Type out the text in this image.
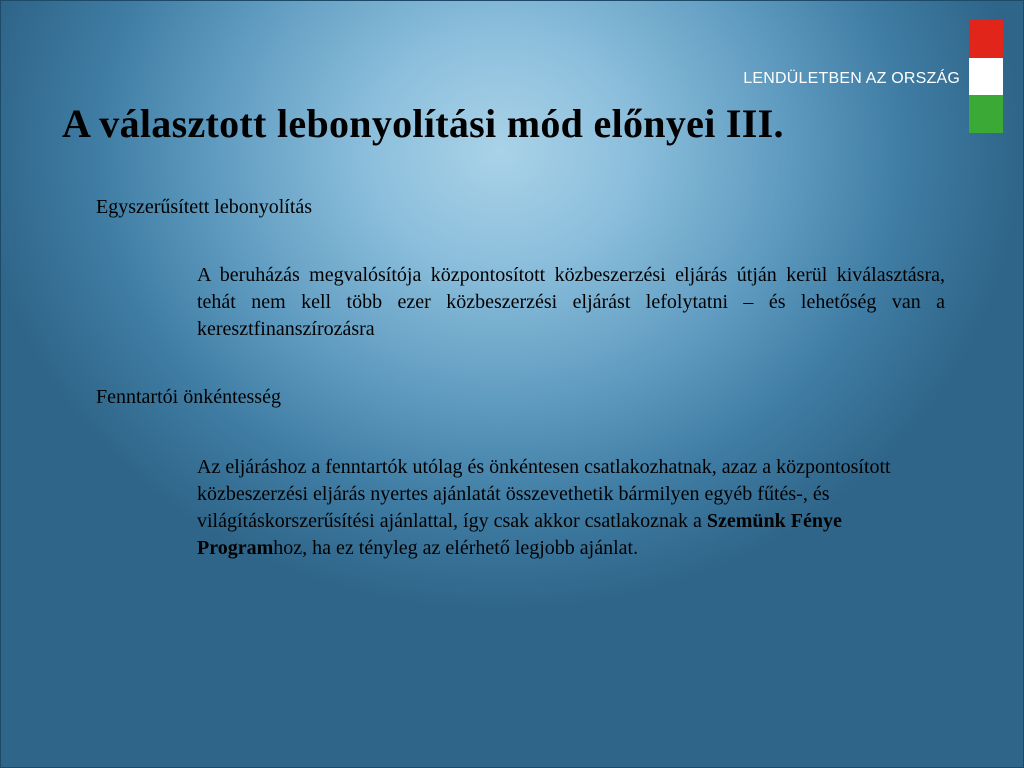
LENDÜLETBEN AZ ORSZÁG
A választott lebonyolítási mód előnyei III.
Egyszerűsített lebonyolítás
A beruházás megvalósítója központosított közbeszerzési eljárás útján kerül kiválasztásra, tehát nem kell több ezer közbeszerzési eljárást lefolytatni – és lehetőség van a keresztfinanszírozásra
Fenntartói önkéntesség
Az eljáráshoz a fenntartók utólag és önkéntesen csatlakozhatnak, azaz a központosított közbeszerzési eljárás nyertes ajánlatát összevethetik bármilyen egyéb fűtés-, és világításkorszerűsítési ajánlattal, így csak akkor csatlakoznak a Szemünk Fénye Programhoz, ha ez tényleg az elérhető legjobb ajánlat.
